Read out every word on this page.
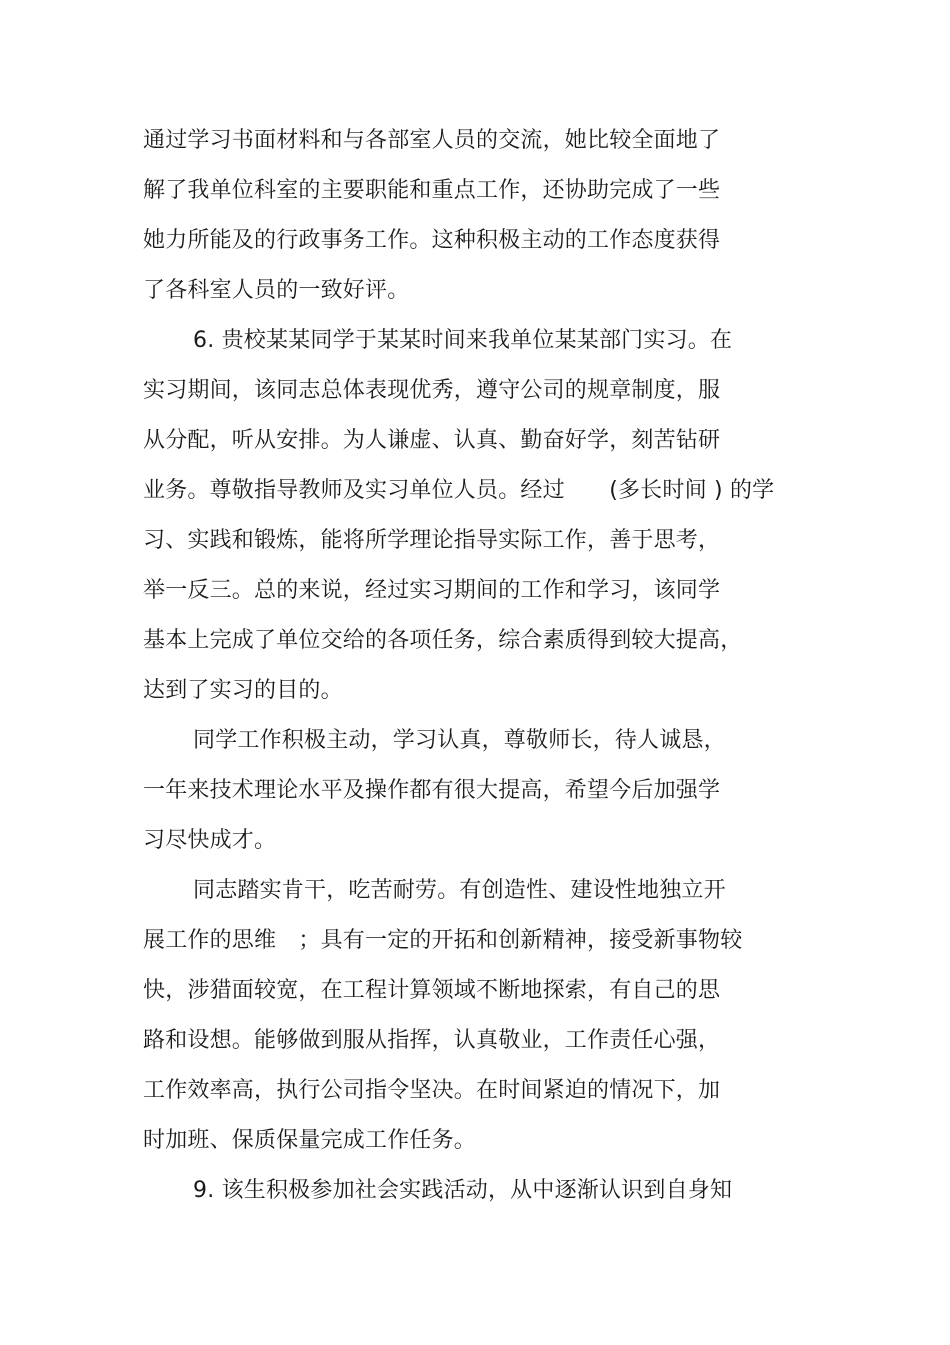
通过学习书面材料和与各部室人员的交流，她比较全面地了
解了我单位科室的主要职能和重点工作，还协助完成了一些
她力所能及的行政事务工作。这种积极主动的工作态度获得
了各科室人员的一致好评。
6. 贵校某某同学于某某时间来我单位某某部门实习。在
实习期间，该同志总体表现优秀，遵守公司的规章制度，服
从分配，听从安排。为人谦虚、认真、勤奋好学，刻苦钻研
业务。尊敬指导教师及实习单位人员。经过　　(多长时间 ) 的学
习、实践和锻炼，能将所学理论指导实际工作，善于思考，
举一反三。总的来说，经过实习期间的工作和学习，该同学
基本上完成了单位交给的各项任务，综合素质得到较大提高，
达到了实习的目的。
同学工作积极主动，学习认真，尊敬师长，待人诚恳，
一年来技术理论水平及操作都有很大提高，希望今后加强学
习尽快成才。
同志踏实肯干，吃苦耐劳。有创造性、建设性地独立开
展工作的思维　；具有一定的开拓和创新精神，接受新事物较
快，涉猎面较宽，在工程计算领域不断地探索，有自己的思
路和设想。能够做到服从指挥，认真敬业，工作责任心强，
工作效率高，执行公司指令坚决。在时间紧迫的情况下，加
时加班、保质保量完成工作任务。
9. 该生积极参加社会实践活动，从中逐渐认识到自身知
